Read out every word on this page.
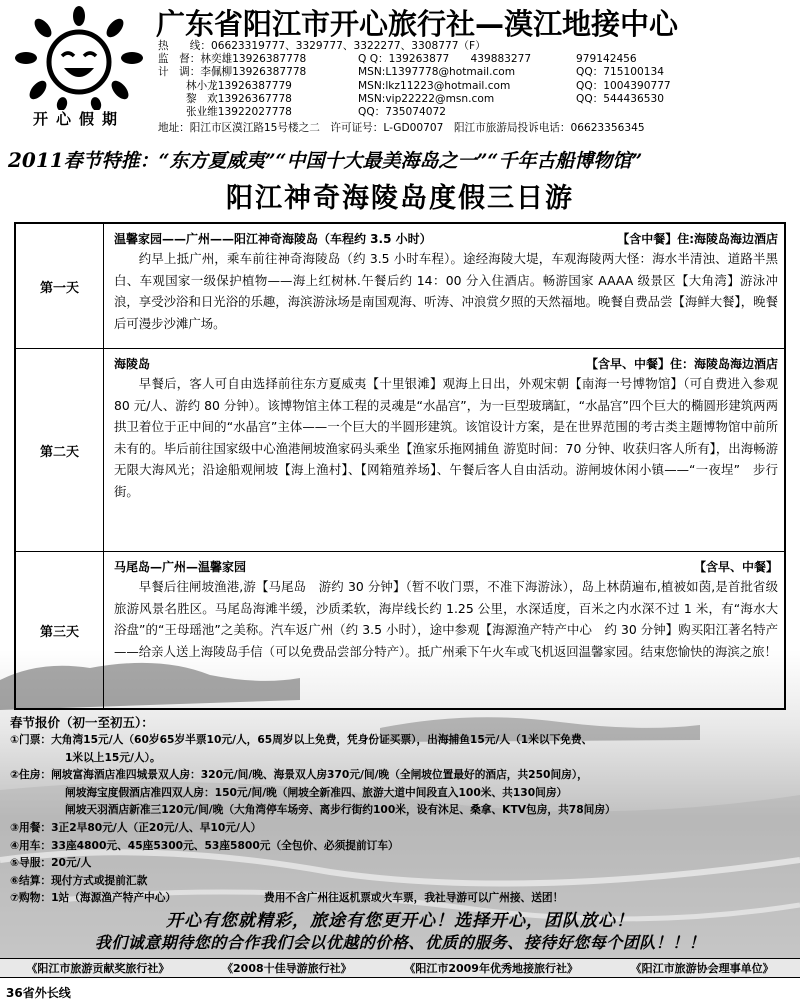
开心假期
广东省阳江市开心旅行社—漠江地接中心
热　　线：06623319777、3329777、3322277、3308777（F）
监　督：林奕雄13926387778	Q Q：139263877　　439883277	979142456
计　调：李佩柳13926387778	MSN:L1397778@hotmail.com	QQ：715100134
林小龙13926387779	MSN:lkz11223@hotmail.com	QQ：1004390777
黎　欢13926367778	MSN:vip22222@msn.com	QQ：544436530
张业维13922027778	QQ：735074072
地址：阳江市区漠江路15号楼之二　许可证号：L-GD00707　阳江市旅游局投诉电话：06623356345
2011春节特推：“东方夏威夷”“中国十大最美海岛之一”“千年古船博物馆”
阳江神奇海陵岛度假三日游
第一天
温馨家园——广州——阳江神奇海陵岛（车程约 3.5 小时）	【含中餐】住:海陵岛海边酒店
约早上抵广州，乘车前往神奇海陵岛（约 3.5 小时车程）。途经海陵大堤，车观海陵两大怪：海水半清浊、道路半黑白、车观国家一级保护植物——海上红树林.午餐后约 14：00 分入住酒店。畅游国家 AAAA 级景区【大角湾】游泳冲浪，享受沙浴和日光浴的乐趣，海滨游泳场是南国观海、听涛、冲浪赏夕照的天然福地。晚餐自费品尝【海鲜大餐】，晚餐后可漫步沙滩广场。
第二天
海陵岛	【含早、中餐】住：海陵岛海边酒店
早餐后，客人可自由选择前往东方夏威夷【十里银滩】观海上日出，外观宋朝【南海一号博物馆】（可自费进入参观 80 元/人、游约 80 分钟）。该博物馆主体工程的灵魂是“水晶宫”，为一巨型玻璃缸，“水晶宫”四个巨大的椭圆形建筑两两拱卫着位于正中间的“水晶宫”主体——一个巨大的半圆形建筑。该馆设计方案，是在世界范围的考古类主题博物馆中前所未有的。毕后前往国家级中心渔港闸坡渔家码头乘坐【渔家乐拖网捕鱼 游览时间：70 分钟、收获归客人所有】，出海畅游无限大海风光；沿途船观闸坡【海上渔村】、【网箱殖养场】、午餐后客人自由活动。游闸坡休闲小镇——“一夜埕”　步行街。
第三天
马尾岛—广州—温馨家园	【含早、中餐】
早餐后往闸坡渔港,游【马尾岛　游约 30 分钟】（暂不收门票，不准下海游泳），岛上林荫遍布,植被如茵,是首批省级旅游风景名胜区。马尾岛海滩半缓，沙质柔软，海岸线长约 1.25 公里，水深适度，百米之内水深不过 1 米，有“海水大浴盘”的“王母瑶池”之美称。汽车返广州（约 3.5 小时），途中参观【海源渔产特产中心　约 30 分钟】购买阳江著名特产——给亲人送上海陵岛手信（可以免费品尝部分特产）。抵广州乘下午火车或飞机返回温馨家园。结束您愉快的海滨之旅！
春节报价（初一至初五）：
①门票：大角湾15元/人（60岁65岁半票10元/人，65周岁以上免费，凭身份证买票），出海捕鱼15元/人（1米以下免费、
1米以上15元/人）。
②住房：闸坡富海酒店准四城景双人房：320元/间/晚、海景双人房370元/间/晚（全闸坡位置最好的酒店，共250间房），
闸坡海宝度假酒店准四双人房：150元/间/晚（闸坡全新准四、旅游大道中间段直入100米、共130间房）
闸坡天羽酒店新准三120元/间/晚（大角湾停车场旁、离步行街约100米，设有沐足、桑拿、KTV包房，共78间房）
③用餐：3正2早80元/人（正20元/人、早10元/人）
④用车：33座4800元、45座5300元、53座5800元（全包价、必须提前订车）
⑤导服：20元/人
⑥结算：现付方式或提前汇款
⑦购物：1站（海源渔产特产中心）	费用不含广州往返机票或火车票，我社导游可以广州接、送团！
开心有您就精彩，旅途有您更开心！选择开心，团队放心！
我们诚意期待您的合作我们会以优越的价格、优质的服务、接待好您每个团队！！！
《阳江市旅游贡献奖旅行社》	《2008十佳导游旅行社》	《阳江市2009年优秀地接旅行社》	《阳江市旅游协会理事单位》
36省外长线
